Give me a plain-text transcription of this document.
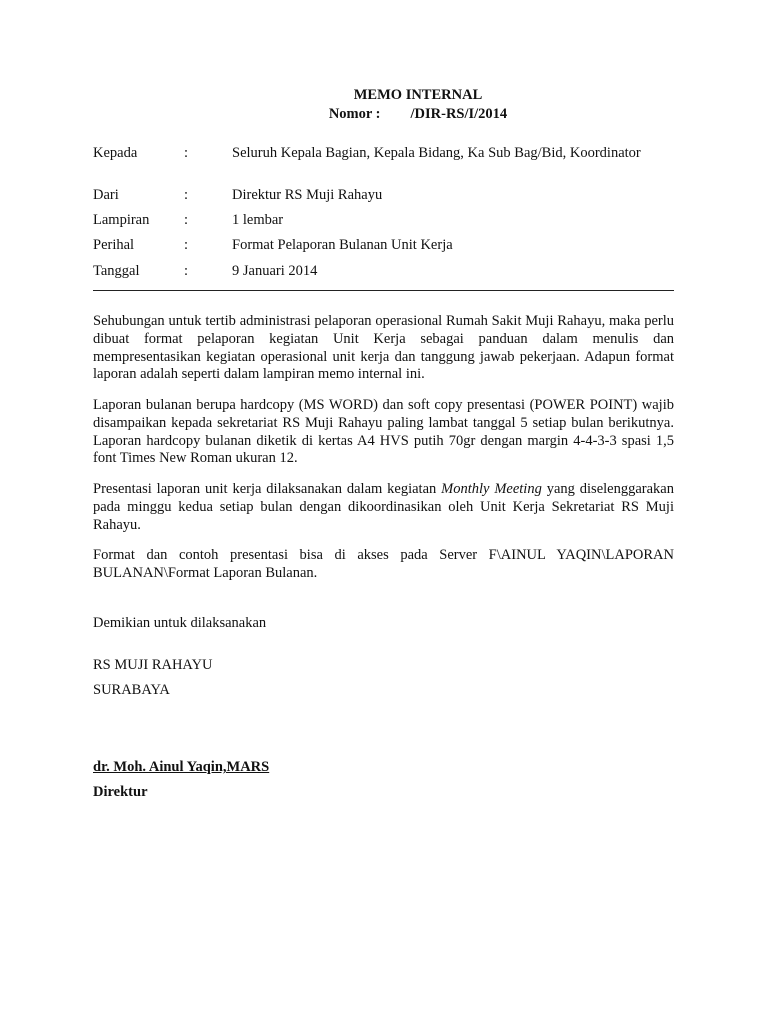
MEMO INTERNAL
Nomor : /DIR-RS/I/2014
Kepada	:	Seluruh Kepala Bagian, Kepala Bidang, Ka Sub Bag/Bid, Koordinator
Dari	:	Direktur RS Muji Rahayu
Lampiran :	1 lembar
Perihal	:	Format Pelaporan Bulanan Unit Kerja
Tanggal	:	9 Januari 2014
Sehubungan untuk tertib administrasi pelaporan operasional Rumah Sakit Muji Rahayu, maka perlu dibuat format pelaporan kegiatan Unit Kerja sebagai panduan dalam menulis dan mempresentasikan kegiatan operasional unit kerja dan tanggung jawab pekerjaan. Adapun format laporan adalah seperti dalam lampiran memo internal ini.
Laporan bulanan berupa hardcopy (MS WORD) dan soft copy presentasi (POWER POINT) wajib disampaikan kepada sekretariat RS Muji Rahayu paling lambat tanggal 5 setiap bulan berikutnya. Laporan hardcopy bulanan diketik di kertas A4 HVS putih 70gr dengan margin 4-4-3-3 spasi 1,5 font Times New Roman ukuran 12.
Presentasi laporan unit kerja dilaksanakan dalam kegiatan Monthly Meeting yang diselenggarakan pada minggu kedua setiap bulan dengan dikoordinasikan oleh Unit Kerja Sekretariat RS Muji Rahayu.
Format dan contoh presentasi bisa di akses pada Server F\AINUL YAQIN\LAPORAN BULANAN\Format Laporan Bulanan.
Demikian untuk dilaksanakan
RS MUJI RAHAYU
SURABAYA
dr. Moh. Ainul Yaqin,MARS
Direktur
